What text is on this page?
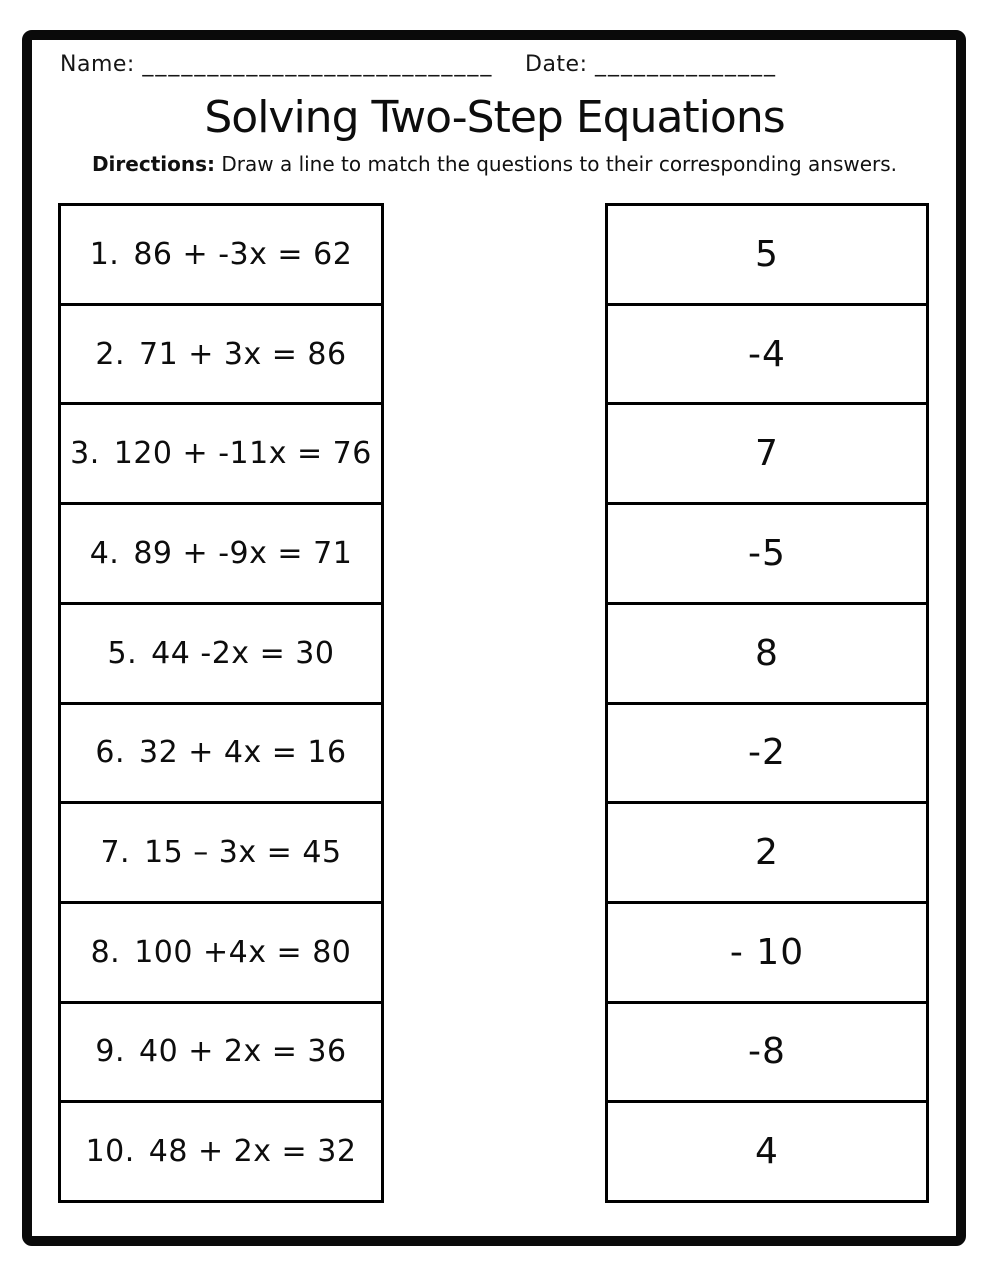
Name: ___________________________ Date: ______________
Solving Two-Step Equations
Directions: Draw a line to match the questions to their corresponding answers.
1. 86 + -3x = 62
2. 71 + 3x = 86
3. 120 + -11x = 76
4. 89 + -9x = 71
5. 44 -2x = 30
6. 32 + 4x = 16
7. 15 – 3x = 45
8. 100 +4x = 80
9. 40 + 2x = 36
10. 48 + 2x = 32
5
-4
7
-5
8
-2
2
- 10
-8
4
